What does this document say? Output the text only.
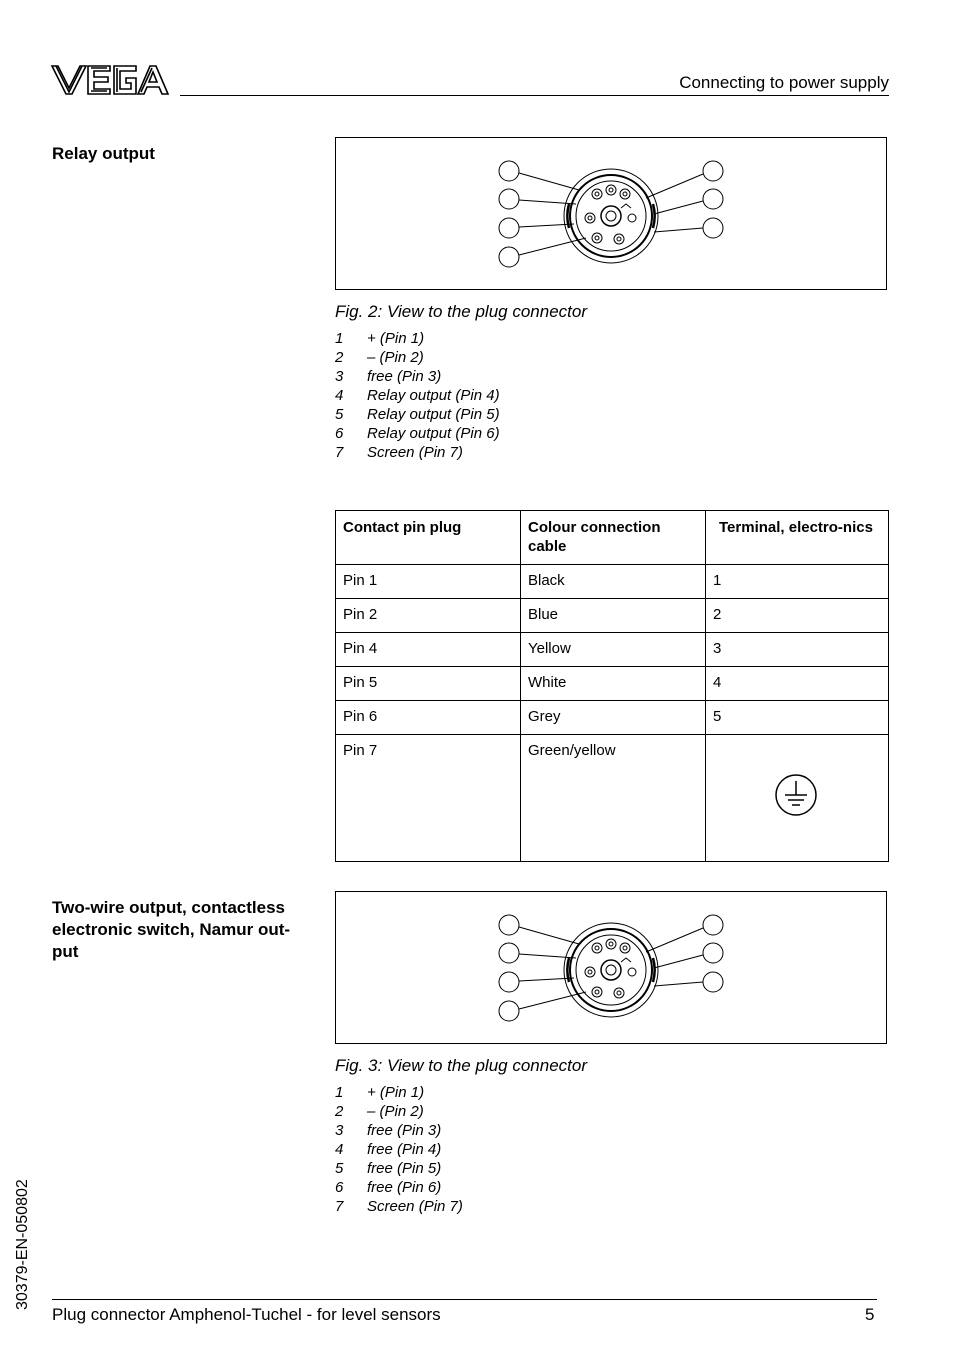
Connecting to power supply
Relay output
Fig. 2: View to the plug connector
1	+ (Pin 1)
2	– (Pin 2)
3	free (Pin 3)
4	Relay output (Pin 4)
5	Relay output (Pin 5)
6	Relay output (Pin 6)
7	Screen (Pin 7)
Contact pin plug	Colour connection cable	Terminal, electro-nics
Pin 1	Black	1
Pin 2	Blue	2
Pin 4	Yellow	3
Pin 5	White	4
Pin 6	Grey	5
Pin 7	Green/yellow	
Two-wire output, contactless electronic switch, Namur out-put
Fig. 3: View to the plug connector
1	+ (Pin 1)
2	– (Pin 2)
3	free (Pin 3)
4	free (Pin 4)
5	free (Pin 5)
6	free (Pin 6)
7	Screen (Pin 7)
30379-EN-050802
Plug connector Amphenol-Tuchel - for level sensors	5
